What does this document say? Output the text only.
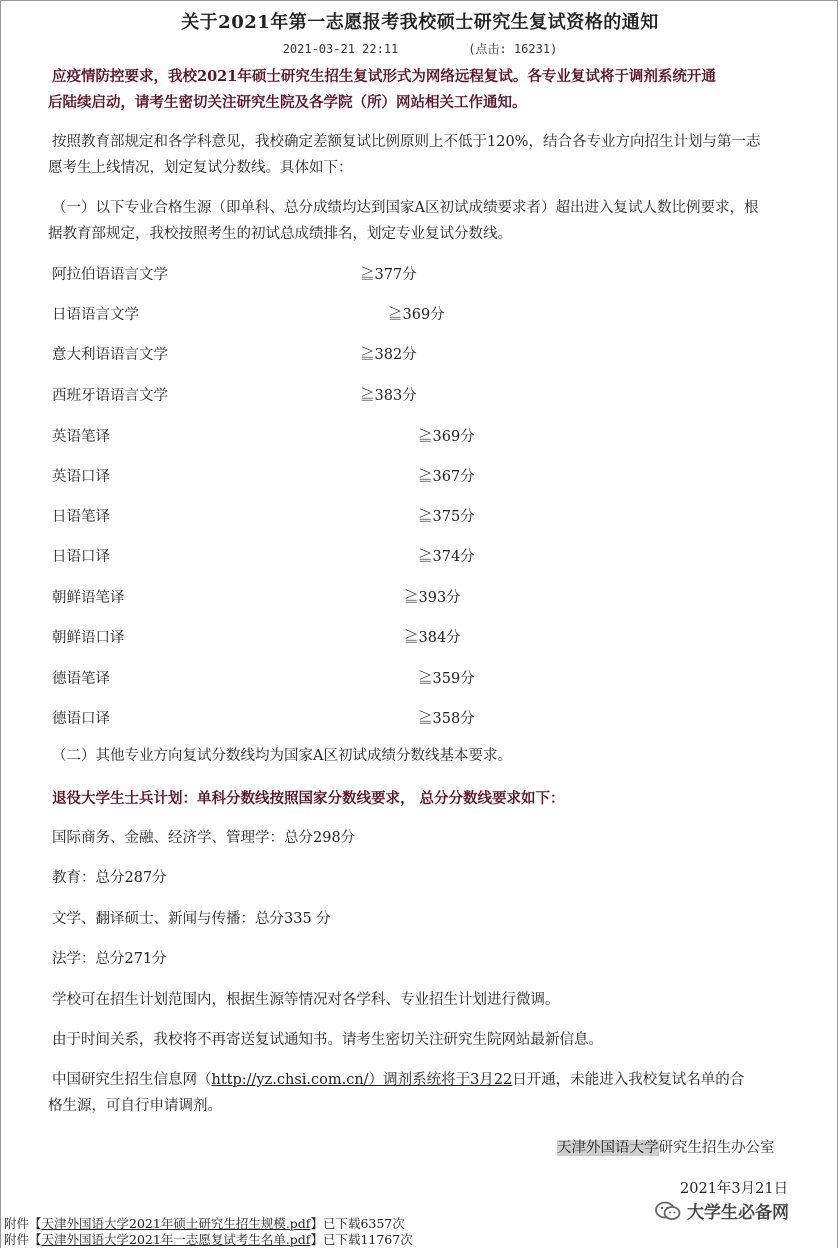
关于2021年第一志愿报考我校硕士研究生复试资格的通知
2021-03-21 22:11	(点击: 16231)
应疫情防控要求，我校2021年硕士研究生招生复试形式为网络远程复试。各专业复试将于调剂系统开通
后陆续启动，请考生密切关注研究生院及各学院（所）网站相关工作通知。
按照教育部规定和各学科意见，我校确定差额复试比例原则上不低于120%，结合各专业方向招生计划与第一志
愿考生上线情况，划定复试分数线。具体如下：
（一）以下专业合格生源（即单科、总分成绩均达到国家A区初试成绩要求者）超出进入复试人数比例要求，根
据教育部规定，我校按照考生的初试总成绩排名，划定专业复试分数线。
阿拉伯语语言文学	≧377分
日语语言文学	≧369分
意大利语语言文学	≧382分
西班牙语语言文学	≧383分
英语笔译	≧369分
英语口译	≧367分
日语笔译	≧375分
日语口译	≧374分
朝鲜语笔译	≧393分
朝鲜语口译	≧384分
德语笔译	≧359分
德语口译	≧358分
（二）其他专业方向复试分数线均为国家A区初试成绩分数线基本要求。
退役大学生士兵计划：单科分数线按照国家分数线要求， 总分分数线要求如下：
国际商务、金融、经济学、管理学：总分298分
教育：总分287分
文学、翻译硕士、新闻与传播：总分335 分
法学：总分271分
学校可在招生计划范围内，根据生源等情况对各学科、专业招生计划进行微调。
由于时间关系，我校将不再寄送复试通知书。请考生密切关注研究生院网站最新信息。
中国研究生招生信息网（http://yz.chsi.com.cn/）调剂系统将于3月22日开通，未能进入我校复试名单的合
格生源，可自行申请调剂。
天津外国语大学研究生招生办公室
2021年3月21日
大学生必备网
附件【天津外国语大学2021年硕士研究生招生规模.pdf】已下载6357次
附件【天津外国语大学2021年一志愿复试考生名单.pdf】已下载11767次
